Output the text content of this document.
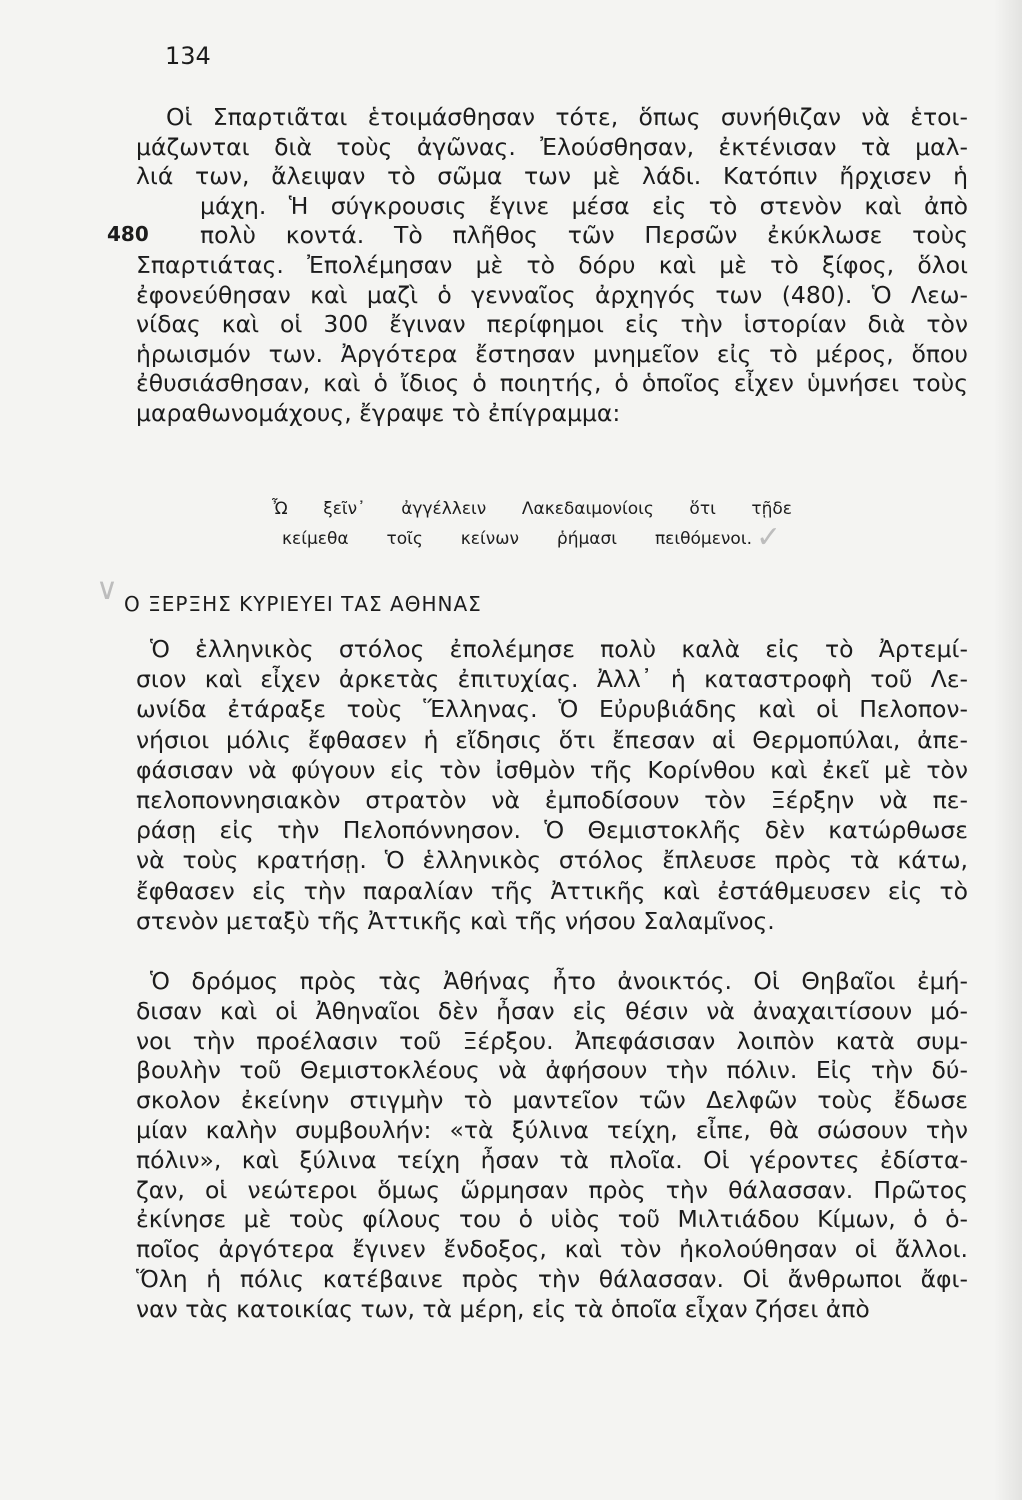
134
480
Οἱ Σπαρτιᾶται ἑτοιμάσθησαν τότε, ὅπως συνήθιζαν νὰ ἑτοι-
μάζωνται διὰ τοὺς ἀγῶνας. Ἐλούσθησαν, ἐκτένισαν τὰ μαλ-
λιά των, ἄλειψαν τὸ σῶμα των μὲ λάδι. Κατόπιν ἤρχισεν ἡ
μάχη. Ἡ σύγκρουσις ἔγινε μέσα εἰς τὸ στενὸν καὶ ἀπὸ
πολὺ κοντά. Τὸ πλῆθος τῶν Περσῶν ἐκύκλωσε τοὺς
Σπαρτιάτας. Ἐπολέμησαν μὲ τὸ δόρυ καὶ μὲ τὸ ξίφος, ὅλοι
ἐφονεύθησαν καὶ μαζὶ ὁ γενναῖος ἀρχηγός των (480). Ὁ Λεω-
νίδας καὶ οἱ 300 ἔγιναν περίφημοι εἰς τὴν ἱστορίαν διὰ τὸν
ἡρωισμόν των. Ἀργότερα ἔστησαν μνημεῖον εἰς τὸ μέρος, ὅπου
ἐθυσιάσθησαν, καὶ ὁ ἴδιος ὁ ποιητής, ὁ ὁποῖος εἶχεν ὑμνήσει τοὺς
μαραθωνομάχους, ἔγραψε τὸ ἐπίγραμμα:
Ὦ ξεῖν᾿ ἀγγέλλειν Λακεδαιμονίοις ὅτι τῇδε
κείμεθα τοῖς κείνων ῥήμασι πειθόμενοι. ✓
∨ Ο ΞΕΡΞΗΣ ΚΥΡΙΕΥΕΙ ΤΑΣ ΑΘΗΝΑΣ
Ὁ ἑλληνικὸς στόλος ἐπολέμησε πολὺ καλὰ εἰς τὸ Ἀρτεμί-
σιον καὶ εἶχεν ἀρκετὰς ἐπιτυχίας. Ἀλλ᾿ ἡ καταστροφὴ τοῦ Λε-
ωνίδα ἐτάραξε τοὺς Ἕλληνας. Ὁ Εὐρυβιάδης καὶ οἱ Πελοπον-
νήσιοι μόλις ἔφθασεν ἡ εἴδησις ὅτι ἔπεσαν αἱ Θερμοπύλαι, ἀπε-
φάσισαν νὰ φύγουν εἰς τὸν ἰσθμὸν τῆς Κορίνθου καὶ ἐκεῖ μὲ τὸν
πελοποννησιακὸν στρατὸν νὰ ἐμποδίσουν τὸν Ξέρξην νὰ πε-
ράσῃ εἰς τὴν Πελοπόννησον. Ὁ Θεμιστοκλῆς δὲν κατώρθωσε
νὰ τοὺς κρατήσῃ. Ὁ ἑλληνικὸς στόλος ἔπλευσε πρὸς τὰ κάτω,
ἔφθασεν εἰς τὴν παραλίαν τῆς Ἀττικῆς καὶ ἐστάθμευσεν εἰς τὸ
στενὸν μεταξὺ τῆς Ἀττικῆς καὶ τῆς νήσου Σαλαμῖνος.
Ὁ δρόμος πρὸς τὰς Ἀθήνας ἦτο ἀνοικτός. Οἱ Θηβαῖοι ἐμή-
δισαν καὶ οἱ Ἀθηναῖοι δὲν ἦσαν εἰς θέσιν νὰ ἀναχαιτίσουν μό-
νοι τὴν προέλασιν τοῦ Ξέρξου. Ἀπεφάσισαν λοιπὸν κατὰ συμ-
βουλὴν τοῦ Θεμιστοκλέους νὰ ἀφήσουν τὴν πόλιν. Εἰς τὴν δύ-
σκολον ἐκείνην στιγμὴν τὸ μαντεῖον τῶν Δελφῶν τοὺς ἔδωσε
μίαν καλὴν συμβουλήν: «τὰ ξύλινα τείχη, εἶπε, θὰ σώσουν τὴν
πόλιν», καὶ ξύλινα τείχη ἦσαν τὰ πλοῖα. Οἱ γέροντες ἐδίστα-
ζαν, οἱ νεώτεροι ὅμως ὥρμησαν πρὸς τὴν θάλασσαν. Πρῶτος
ἐκίνησε μὲ τοὺς φίλους του ὁ υἱὸς τοῦ Μιλτιάδου Κίμων, ὁ ὁ-
ποῖος ἀργότερα ἔγινεν ἔνδοξος, καὶ τὸν ἠκολούθησαν οἱ ἄλλοι.
Ὅλη ἡ πόλις κατέβαινε πρὸς τὴν θάλασσαν. Οἱ ἄνθρωποι ἄφι-
ναν τὰς κατοικίας των, τὰ μέρη, εἰς τὰ ὁποῖα εἶχαν ζήσει ἀπὸ
